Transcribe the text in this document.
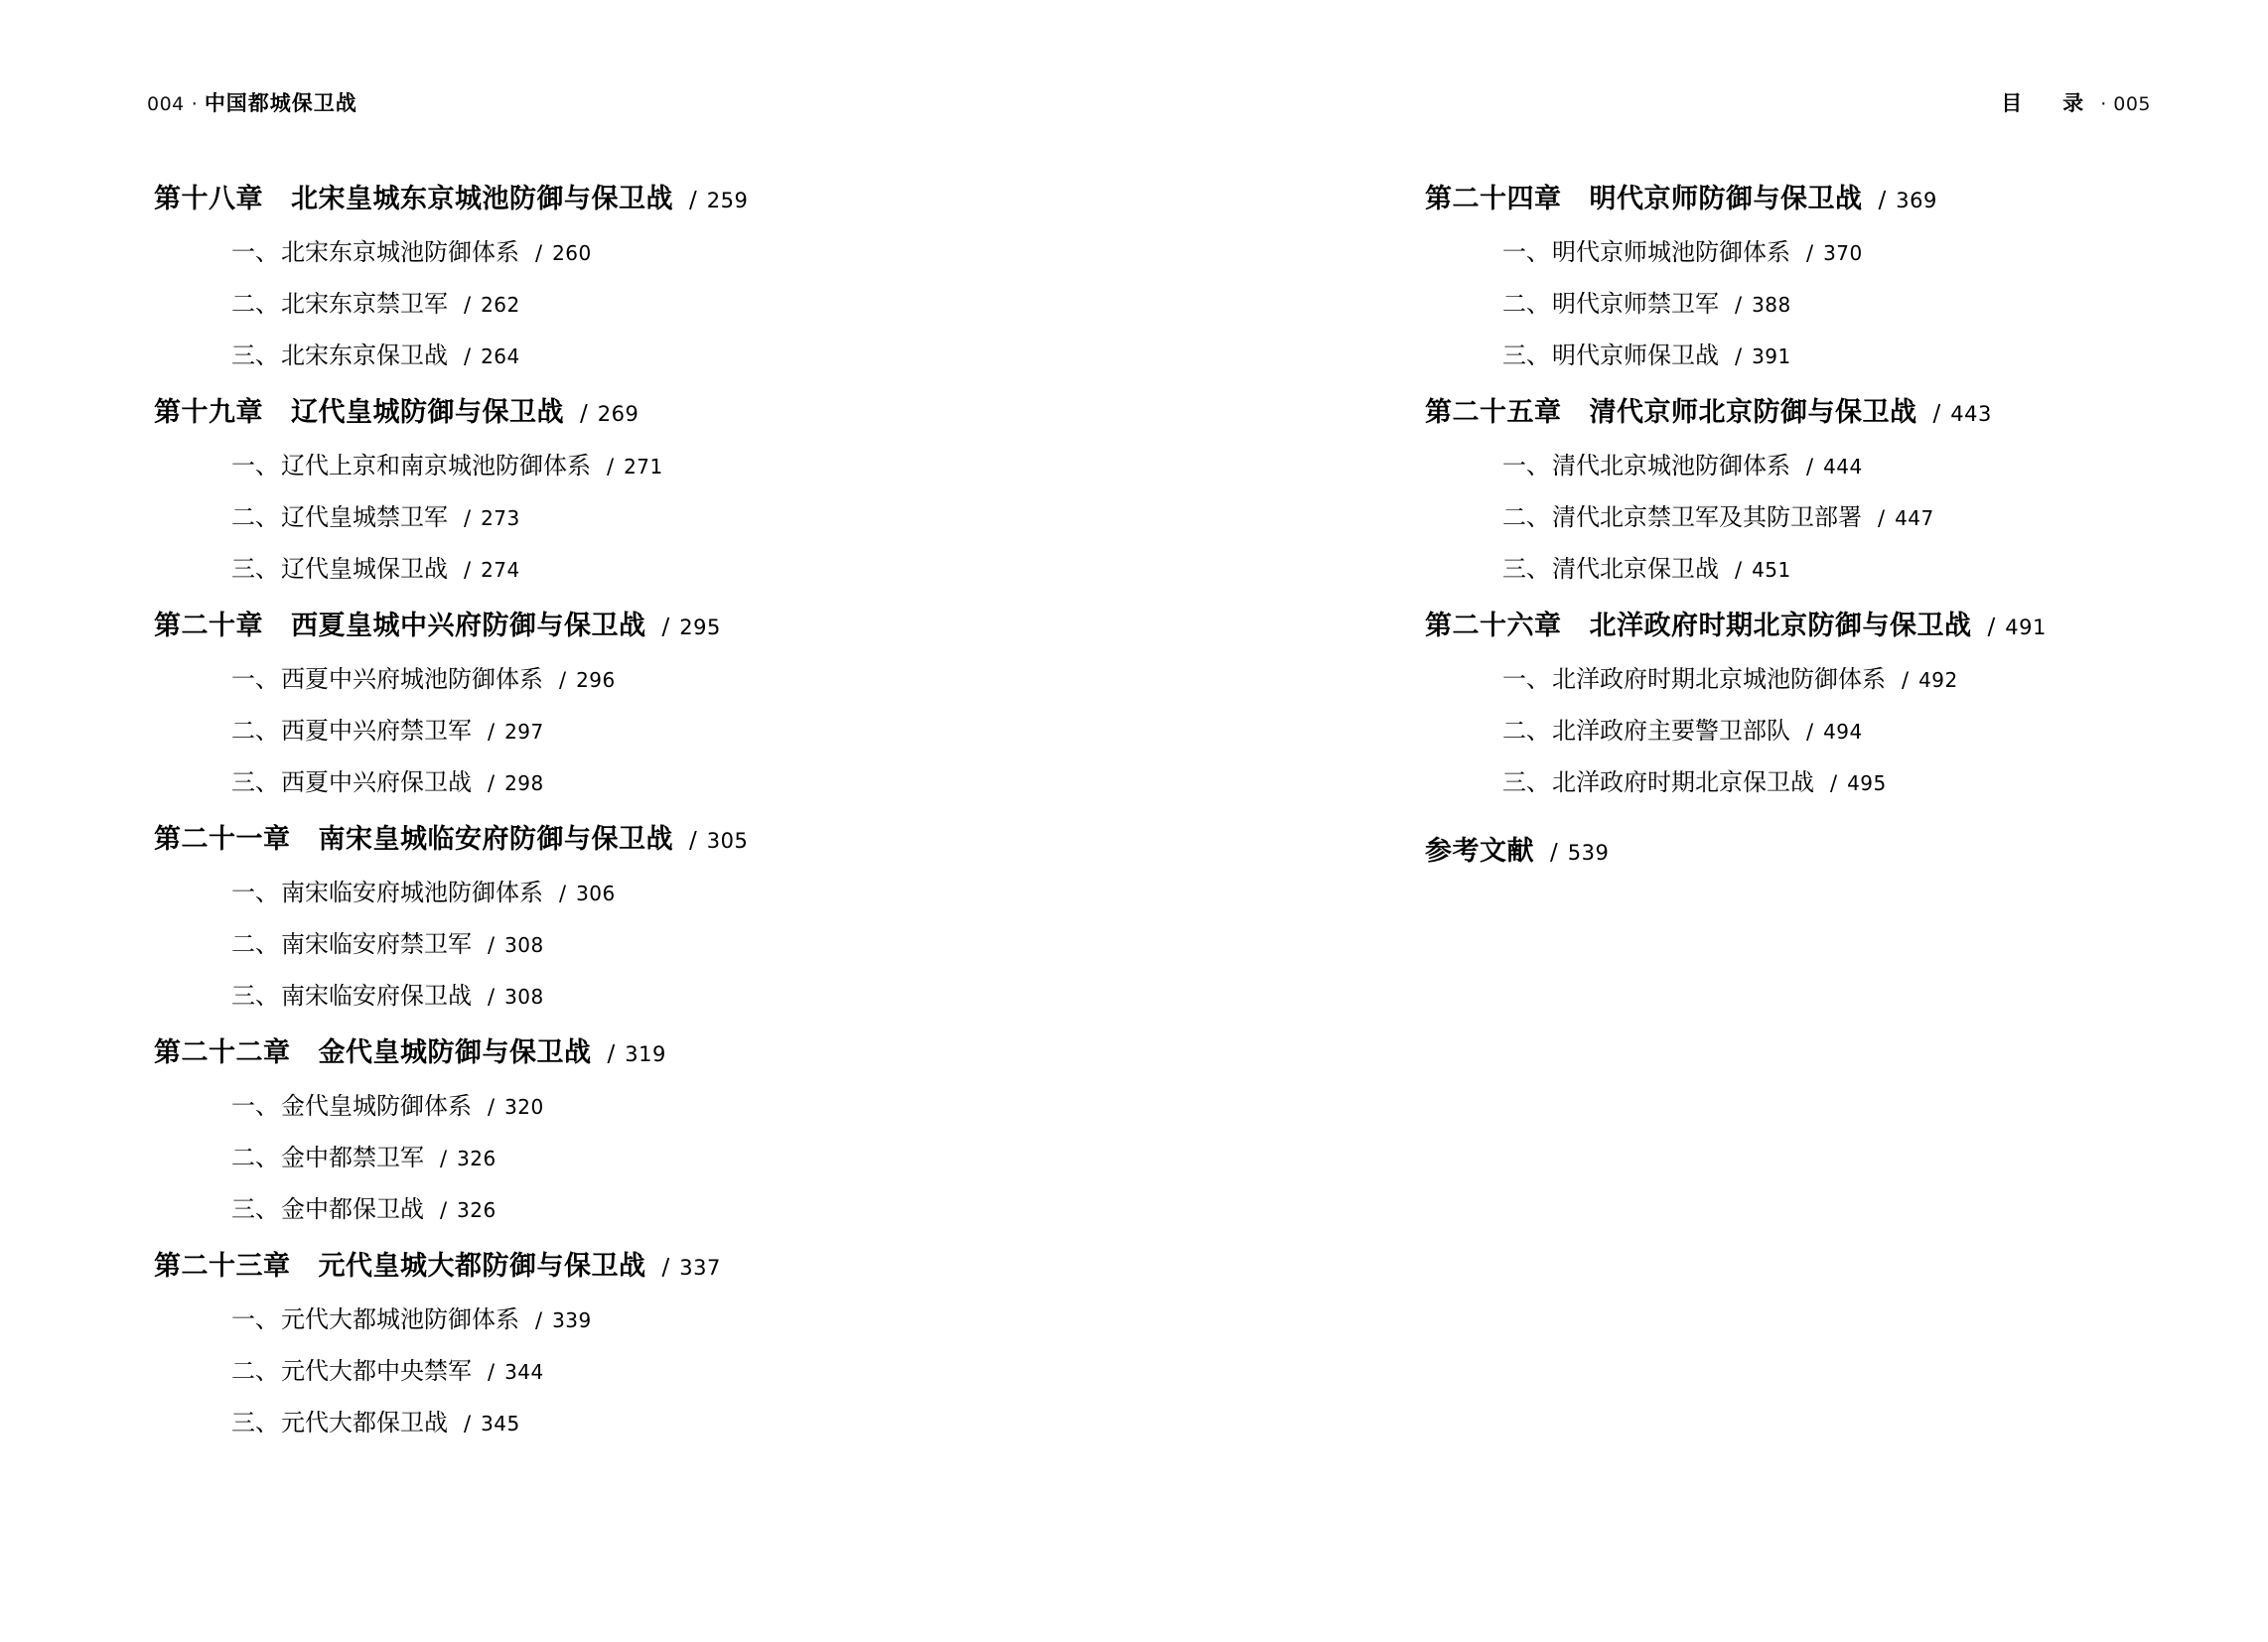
004 · 中国都城保卫战	目　录 · 005
第十八章 北宋皇城东京城池防御与保卫战 / 259
一、 北宋东京城池防御体系 / 260
二、 北宋东京禁卫军 / 262
三、 北宋东京保卫战 / 264
第十九章 辽代皇城防御与保卫战 / 269
一、 辽代上京和南京城池防御体系 / 271
二、 辽代皇城禁卫军 / 273
三、 辽代皇城保卫战 / 274
第二十章 西夏皇城中兴府防御与保卫战 / 295
一、 西夏中兴府城池防御体系 / 296
二、 西夏中兴府禁卫军 / 297
三、 西夏中兴府保卫战 / 298
第二十一章 南宋皇城临安府防御与保卫战 / 305
一、 南宋临安府城池防御体系 / 306
二、 南宋临安府禁卫军 / 308
三、 南宋临安府保卫战 / 308
第二十二章 金代皇城防御与保卫战 / 319
一、 金代皇城防御体系 / 320
二、 金中都禁卫军 / 326
三、 金中都保卫战 / 326
第二十三章 元代皇城大都防御与保卫战 / 337
一、 元代大都城池防御体系 / 339
二、 元代大都中央禁军 / 344
三、 元代大都保卫战 / 345
第二十四章 明代京师防御与保卫战 / 369
一、 明代京师城池防御体系 / 370
二、 明代京师禁卫军 / 388
三、 明代京师保卫战 / 391
第二十五章 清代京师北京防御与保卫战 / 443
一、 清代北京城池防御体系 / 444
二、 清代北京禁卫军及其防卫部署 / 447
三、 清代北京保卫战 / 451
第二十六章 北洋政府时期北京防御与保卫战 / 491
一、 北洋政府时期北京城池防御体系 / 492
二、 北洋政府主要警卫部队 / 494
三、 北洋政府时期北京保卫战 / 495
参考文献 / 539
